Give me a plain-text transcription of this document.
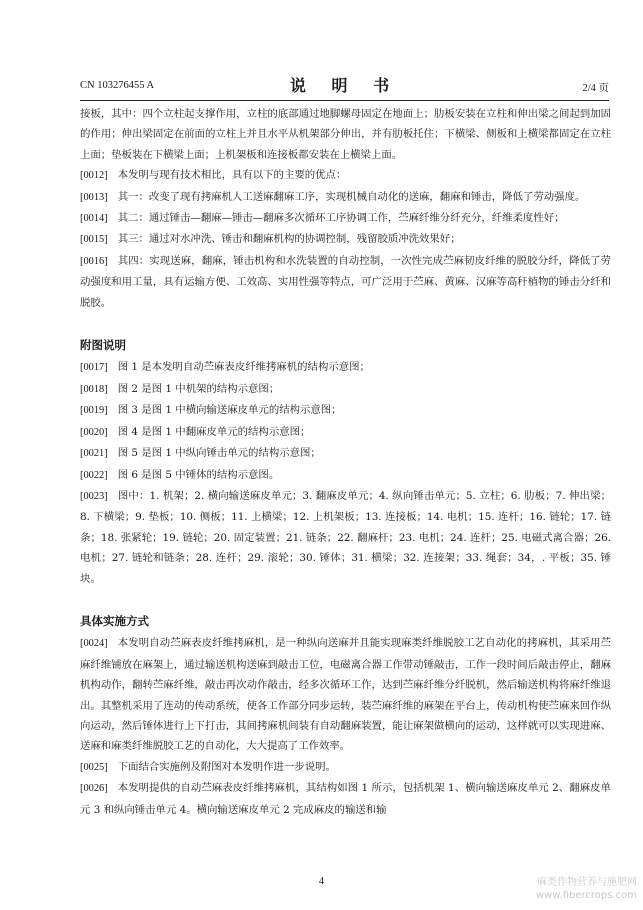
CN 103276455 A	说 明 书	2/4 页

接板，其中：四个立柱起支撑作用，立柱的底部通过地脚螺母固定在地面上；肋板安装在立柱和伸出梁之间起到加固的作用；伸出梁固定在前面的立柱上并且水平从机架部分伸出，并有肋板托住；下横梁、侧板和上横梁都固定在立柱上面；垫板装在下横梁上面；上机架板和连接板都安装在上横梁上面。

[0012] 本发明与现有技术相比，具有以下的主要的优点：

[0013] 其一：改变了现有拷麻机人工送麻翻麻工序，实现机械自动化的送麻，翻麻和锤击，降低了劳动强度。

[0014] 其二：通过锤击—翻麻—锤击—翻麻多次循环工序协调工作，苎麻纤维分纤充分，纤维柔度性好；

[0015] 其三：通过对水冲洗、锤击和翻麻机构的协调控制，残留胶质冲洗效果好；

[0016] 其四：实现送麻，翻麻，锤击机构和水洗装置的自动控制，一次性完成苎麻韧皮纤维的脱胶分纤，降低了劳动强度和用工量，具有运输方便、工效高、实用性强等特点，可广泛用于苎麻、黄麻、汉麻等高秆植物的锤击分纤和脱胶。

附图说明

[0017] 图 1 是本发明自动苎麻表皮纤维拷麻机的结构示意图；

[0018] 图 2 是图 1 中机架的结构示意图；

[0019] 图 3 是图 1 中横向输送麻皮单元的结构示意图；

[0020] 图 4 是图 1 中翻麻皮单元的结构示意图；

[0021] 图 5 是图 1 中纵向锤击单元的结构示意图；

[0022] 图 6 是图 5 中锤体的结构示意图。

[0023] 图中：1. 机架；2. 横向输送麻皮单元；3. 翻麻皮单元；4. 纵向锤击单元；5. 立柱；6. 肋板；7. 伸出梁；8. 下横梁；9. 垫板；10. 侧板；11. 上横梁；12. 上机架板；13. 连接板；14. 电机；15. 连杆；16. 链轮；17. 链条；18. 张紧轮；19. 链轮；20. 固定装置；21. 链条；22. 翻麻杆；23. 电机；24. 连杆；25. 电磁式离合器；26. 电机；27. 链轮和链条；28. 连杆；29. 滚轮；30. 锤体；31. 横梁；32. 连接架；33. 绳套；34，. 平板；35. 锤块。

具体实施方式

[0024] 本发明自动苎麻表皮纤维拷麻机，是一种纵向送麻并且能实现麻类纤维脱胶工艺自动化的拷麻机，其采用苎麻纤维铺放在麻架上，通过输送机构送麻到敲击工位，电磁离合器工作带动锤敲击，工作一段时间后敲击停止，翻麻机构动作，翻转苎麻纤维，敲击再次动作敲击，经多次循环工作，达到苎麻纤维分纤脱机，然后输送机构将麻纤维退出。其整机采用了连动的传动系统，使各工作部分同步运转，装苎麻纤维的麻架在平台上，传动机构使苎麻来回作纵向运动，然后锤体进行上下打击，其间拷麻机间装有自动翻麻装置，能让麻架做横向的运动，这样就可以实现进麻、送麻和麻类纤维脱胶工艺的自动化，大大提高了工作效率。

[0025] 下面结合实施例及附图对本发明作进一步说明。

[0026] 本发明提供的自动苎麻表皮纤维拷麻机，其结构如图 1 所示，包括机架 1、横向输送麻皮单元 2、翻麻皮单元 3 和纵向锤击单元 4。横向输送麻皮单元 2 完成麻皮的输送和输

4	麻类作物营养与施肥网
www.fibercrops.com
